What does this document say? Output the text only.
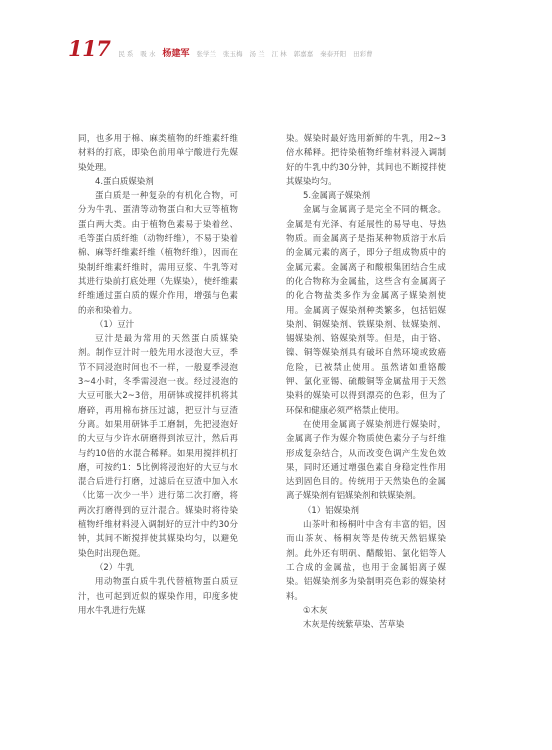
117 民 系 吸 水 杨建军 张学兰 张玉梅 汤 兰 江 林 郭嘉嘉 秦泰开阳 田彩曹

同，也多用于棉、麻类植物的纤维素纤维材料的打底，即染色前用单宁酸进行先媒染处理。

4.蛋白质媒染剂

蛋白质是一种复杂的有机化合物，可分为牛乳、蛋清等动物蛋白和大豆等植物蛋白两大类。由于植物色素易于染着丝、毛等蛋白质纤维（动物纤维），不易于染着棉、麻等纤维素纤维（植物纤维），因而在染制纤维素纤维时，需用豆浆、牛乳等对其进行染前打底处理（先媒染），使纤维素纤维通过蛋白质的媒介作用，增强与色素的亲和染着力。

（1）豆汁

豆汁是最为常用的天然蛋白质媒染剂。制作豆汁时一般先用水浸泡大豆，季节不同浸泡时间也不一样，一般夏季浸泡3~4小时，冬季需浸泡一夜。经过浸泡的大豆可胀大2~3倍，用研钵或搅拌机将其磨碎，再用棉布挤压过滤，把豆汁与豆渣分离。如果用研钵手工磨制，先把浸泡好的大豆与少许水研磨得到浓豆汁，然后再与约10倍的水混合稀释。如果用搅拌机打磨，可按约1：5比例将浸泡好的大豆与水混合后进行打磨，过滤后在豆渣中加入水（比第一次少一半）进行第二次打磨，将两次打磨得到的豆汁混合。媒染时将待染植物纤维材料浸入调制好的豆汁中约30分钟，其间不断搅拌使其媒染均匀，以避免染色时出现色斑。

（2）牛乳

用动物蛋白质牛乳代替植物蛋白质豆汁，也可起到近似的媒染作用，印度多使用水牛乳进行先媒

染。媒染时最好选用新鲜的牛乳，用2~3倍水稀释。把待染植物纤维材料浸入调制好的牛乳中约30分钟，其间也不断搅拌使其媒染均匀。

5.金属离子媒染剂

金属与金属离子是完全不同的概念。金属是有光泽、有延展性的易导电、导热物质。而金属离子是指某种物质溶于水后的金属元素的离子，即分子组成物质中的金属元素。金属离子和酸根集团结合生成的化合物称为金属盐，这些含有金属离子的化合物盐类多作为金属离子媒染剂使用。金属离子媒染剂种类繁多，包括铝媒染剂、铜媒染剂、铁媒染剂、钛媒染剂、锡媒染剂、铬媒染剂等。但是，由于铬、镍、铜等媒染剂具有破坏自然环境或致癌危险，已被禁止使用。虽然诸如重铬酸钾、氯化亚锡、硫酸铜等金属盐用于天然染料的媒染可以得到漂亮的色彩，但为了环保和健康必须严格禁止使用。

在使用金属离子媒染剂进行媒染时，金属离子作为媒介物质使色素分子与纤维形成复杂结合，从而改变色调产生发色效果，同时还通过增强色素自身稳定性作用达到固色目的。传统用于天然染色的金属离子媒染剂有铝媒染剂和铁媒染剂。

（1）铝媒染剂

山茶叶和杨桐叶中含有丰富的铝，因而山茶灰、杨桐灰等是传统天然铝媒染剂。此外还有明矾、醋酸铝、氯化铝等人工合成的金属盐，也用于金属铝离子媒染。铝媒染剂多为染制明亮色彩的媒染材料。

①木灰

木灰是传统紫草染、苦草染
